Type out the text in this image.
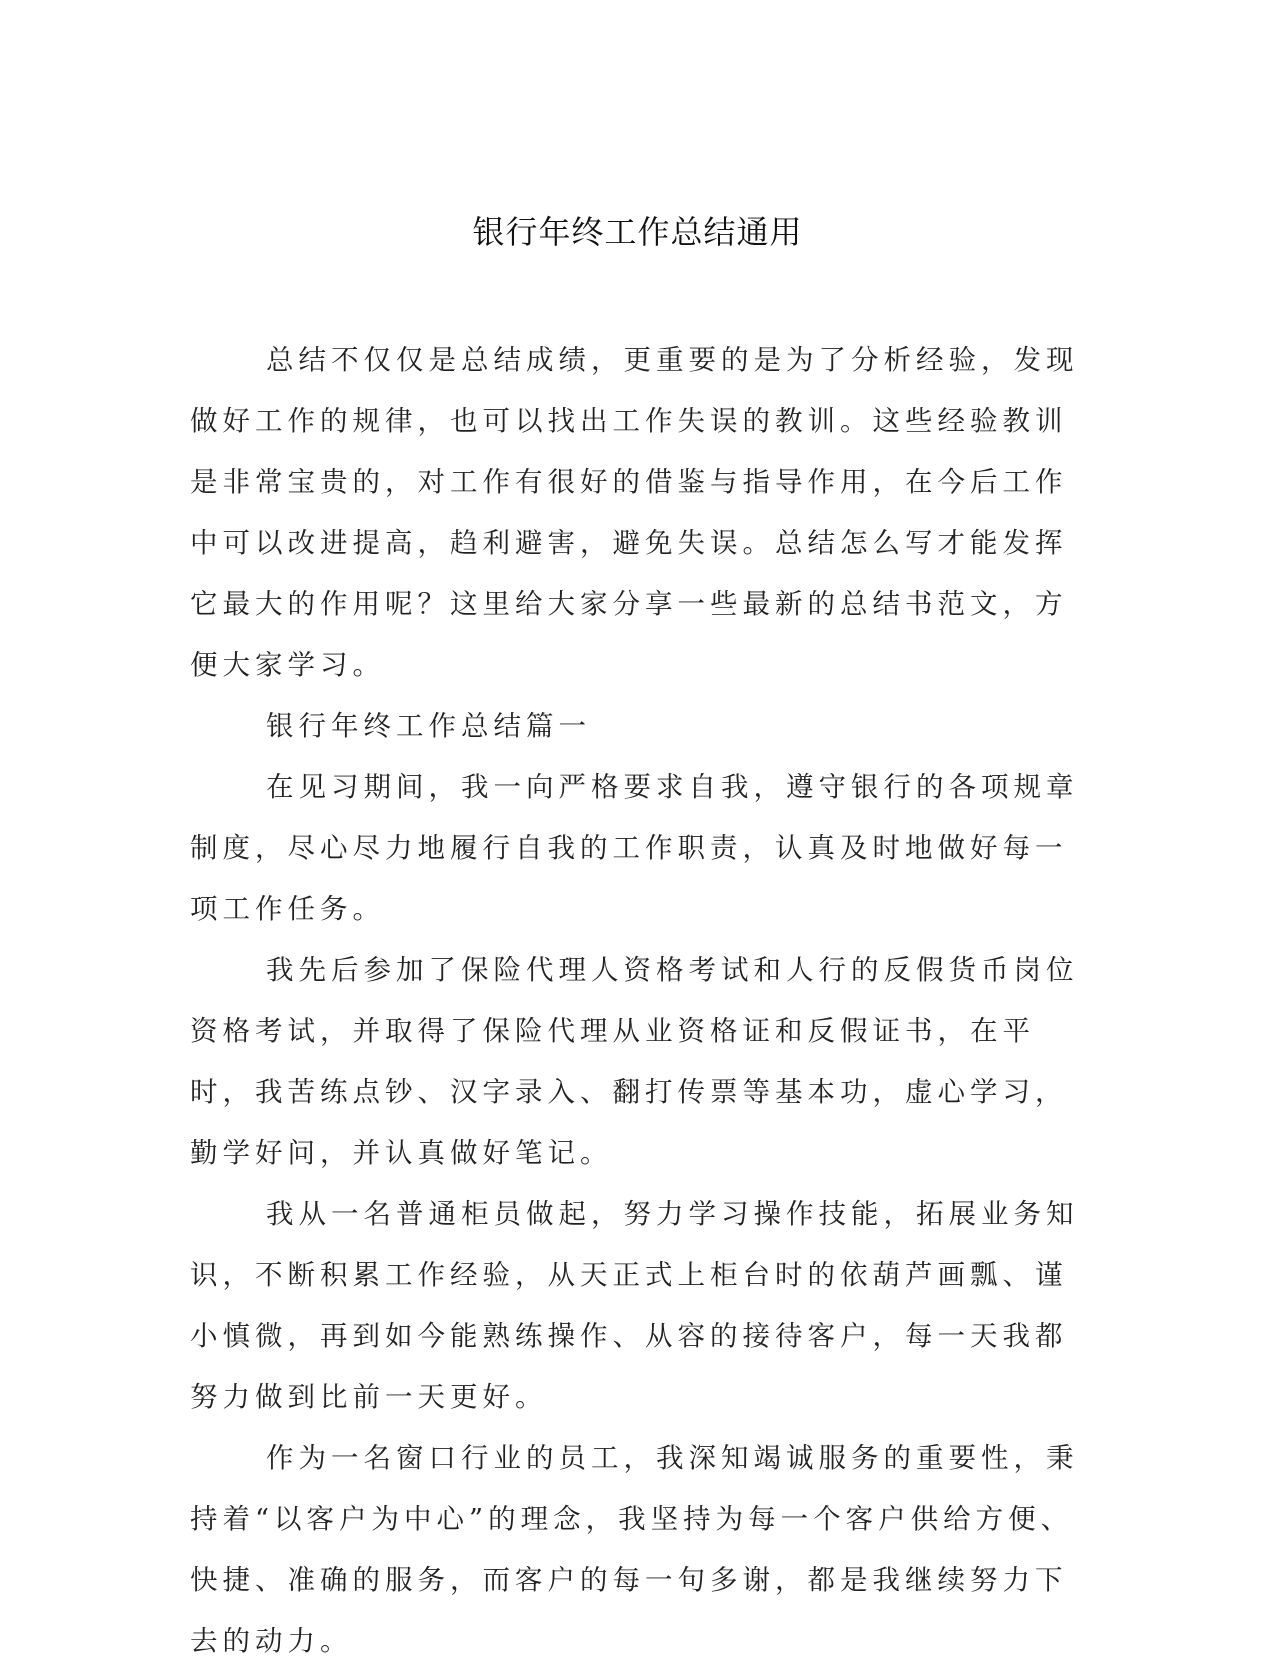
银行年终工作总结通用

总结不仅仅是总结成绩，更重要的是为了分析经验，发现做好工作的规律，也可以找出工作失误的教训。这些经验教训是非常宝贵的，对工作有很好的借鉴与指导作用，在今后工作中可以改进提高，趋利避害，避免失误。总结怎么写才能发挥它最大的作用呢？这里给大家分享一些最新的总结书范文，方便大家学习。

银行年终工作总结篇一

在见习期间，我一向严格要求自我，遵守银行的各项规章制度，尽心尽力地履行自我的工作职责，认真及时地做好每一项工作任务。

我先后参加了保险代理人资格考试和人行的反假货币岗位资格考试，并取得了保险代理从业资格证和反假证书，在平时，我苦练点钞、汉字录入、翻打传票等基本功，虚心学习，勤学好问，并认真做好笔记。

我从一名普通柜员做起，努力学习操作技能，拓展业务知识，不断积累工作经验，从天正式上柜台时的依葫芦画瓢、谨小慎微，再到如今能熟练操作、从容的接待客户，每一天我都努力做到比前一天更好。

作为一名窗口行业的员工，我深知竭诚服务的重要性，秉持着“以客户为中心”的理念，我坚持为每一个客户供给方便、快捷、准确的服务，而客户的每一句多谢，都是我继续努力下去的动力。
